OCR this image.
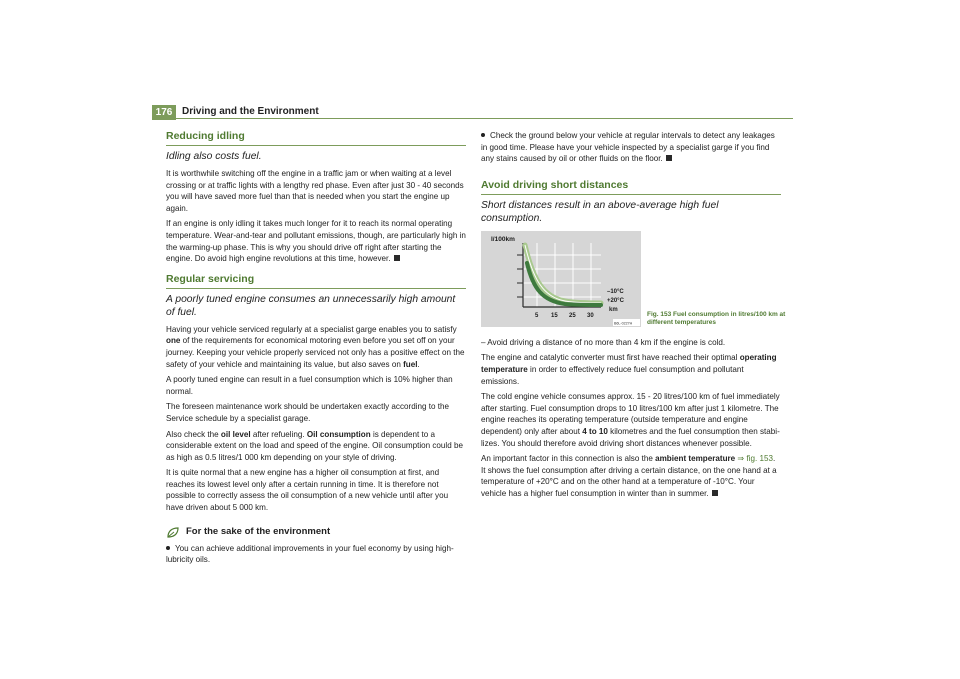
176 Driving and the Environment
Reducing idling
Idling also costs fuel.

It is worthwhile switching off the engine in a traffic jam or when waiting at a level crossing or at traffic lights with a lengthy red phase. Even after just 30 - 40 seconds you will have saved more fuel than that is needed when you start the engine up again.

If an engine is only idling it takes much longer for it to reach its normal operating temperature. Wear-and-tear and pollutant emissions, though, are particularly high in the warming-up phase. This is why you should drive off right after starting the engine. Do avoid high engine revolutions at this time, however.

Regular servicing
A poorly tuned engine consumes an unnecessarily high amount of fuel.

Having your vehicle serviced regularly at a specialist garge enables you to satisfy one of the requirements for economical motoring even before you set off on your journey. Keeping your vehicle properly serviced not only has a positive effect on the safety of your vehicle and maintaining its value, but also saves on fuel.

A poorly tuned engine can result in a fuel consumption which is 10% higher than normal.

The foreseen maintenance work should be undertaken exactly according to the Service schedule by a specialist garage.

Also check the oil level after refueling. Oil consumption is dependent to a considerable extent on the load and speed of the engine. Oil consumption could be as high as 0.5 litres/1 000 km depending on your style of driving.

It is quite normal that a new engine has a higher oil consumption at first, and reaches its lowest level only after a certain running in time. It is therefore not possible to correctly assess the oil consumption of a new vehicle until after you have driven about 5 000 km.

For the sake of the environment

You can achieve additional improvements in your fuel economy by using high-lubricity oils.

Check the ground below your vehicle at regular intervals to detect any leakages in good time. Please have your vehicle inspected by a specialist garge if you find any stains caused by oil or other fluids on the floor.

Avoid driving short distances
Short distances result in an above-average high fuel consumption.
l/100km
–10°C
+20°C
km
5 15 25 30
B6L-0227H
Fig. 153 Fuel consumption in litres/100 km at different temperatures

– Avoid driving a distance of no more than 4 km if the engine is cold.

The engine and catalytic converter must first have reached their optimal operating temperature in order to effectively reduce fuel consumption and pollutant emissions.

The cold engine vehicle consumes approx. 15 - 20 litres/100 km of fuel immediately after starting. Fuel consumption drops to 10 litres/100 km after just 1 kilometre. The engine reaches its operating temperature (outside temperature and engine dependent) only after about 4 to 10 kilometres and the fuel consumption then stabilizes. You should therefore avoid driving short distances whenever possible.

An important factor in this connection is also the ambient temperature ⇒ fig. 153. It shows the fuel consumption after driving a certain distance, on the one hand at a temperature of +20°C and on the other hand at a temperature of -10°C. Your vehicle has a higher fuel consumption in winter than in summer.
